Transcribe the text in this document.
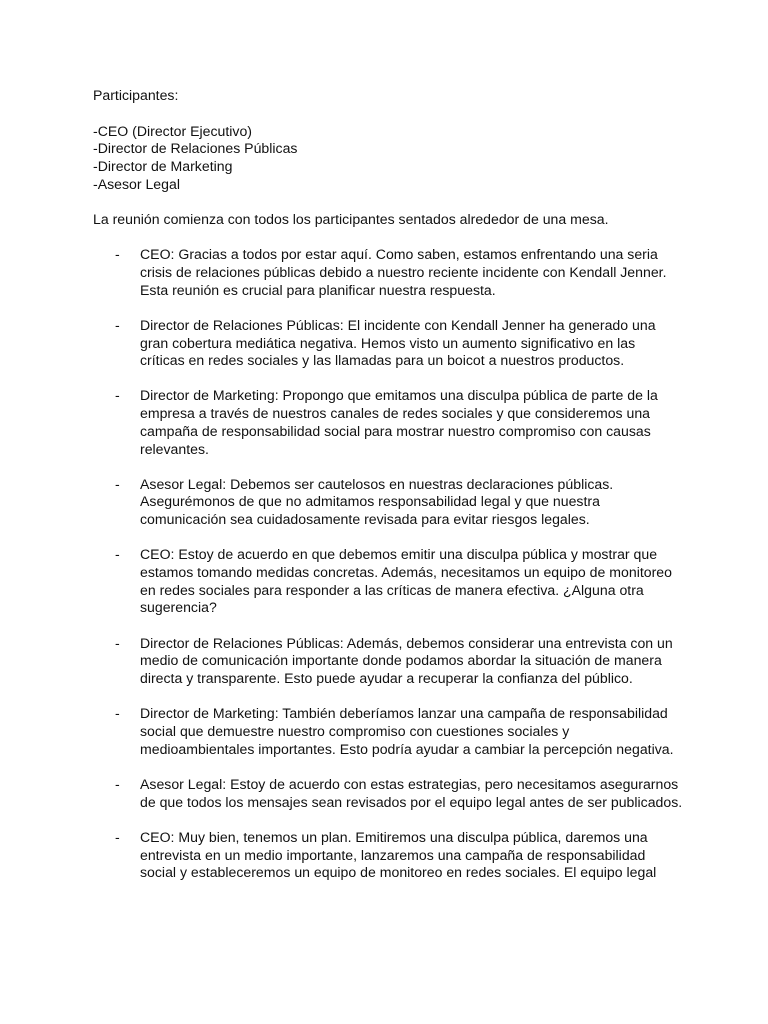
Participantes:
-CEO (Director Ejecutivo)
-Director de Relaciones Públicas
-Director de Marketing
-Asesor Legal
La reunión comienza con todos los participantes sentados alrededor de una mesa.
- CEO: Gracias a todos por estar aquí. Como saben, estamos enfrentando una seria crisis de relaciones públicas debido a nuestro reciente incidente con Kendall Jenner. Esta reunión es crucial para planificar nuestra respuesta.
- Director de Relaciones Públicas: El incidente con Kendall Jenner ha generado una gran cobertura mediática negativa. Hemos visto un aumento significativo en las críticas en redes sociales y las llamadas para un boicot a nuestros productos.
- Director de Marketing: Propongo que emitamos una disculpa pública de parte de la empresa a través de nuestros canales de redes sociales y que consideremos una campaña de responsabilidad social para mostrar nuestro compromiso con causas relevantes.
- Asesor Legal: Debemos ser cautelosos en nuestras declaraciones públicas. Asegurémonos de que no admitamos responsabilidad legal y que nuestra comunicación sea cuidadosamente revisada para evitar riesgos legales.
- CEO: Estoy de acuerdo en que debemos emitir una disculpa pública y mostrar que estamos tomando medidas concretas. Además, necesitamos un equipo de monitoreo en redes sociales para responder a las críticas de manera efectiva. ¿Alguna otra sugerencia?
- Director de Relaciones Públicas: Además, debemos considerar una entrevista con un medio de comunicación importante donde podamos abordar la situación de manera directa y transparente. Esto puede ayudar a recuperar la confianza del público.
- Director de Marketing: También deberíamos lanzar una campaña de responsabilidad social que demuestre nuestro compromiso con cuestiones sociales y medioambientales importantes. Esto podría ayudar a cambiar la percepción negativa.
- Asesor Legal: Estoy de acuerdo con estas estrategias, pero necesitamos asegurarnos de que todos los mensajes sean revisados por el equipo legal antes de ser publicados.
- CEO: Muy bien, tenemos un plan. Emitiremos una disculpa pública, daremos una entrevista en un medio importante, lanzaremos una campaña de responsabilidad social y estableceremos un equipo de monitoreo en redes sociales. El equipo legal
